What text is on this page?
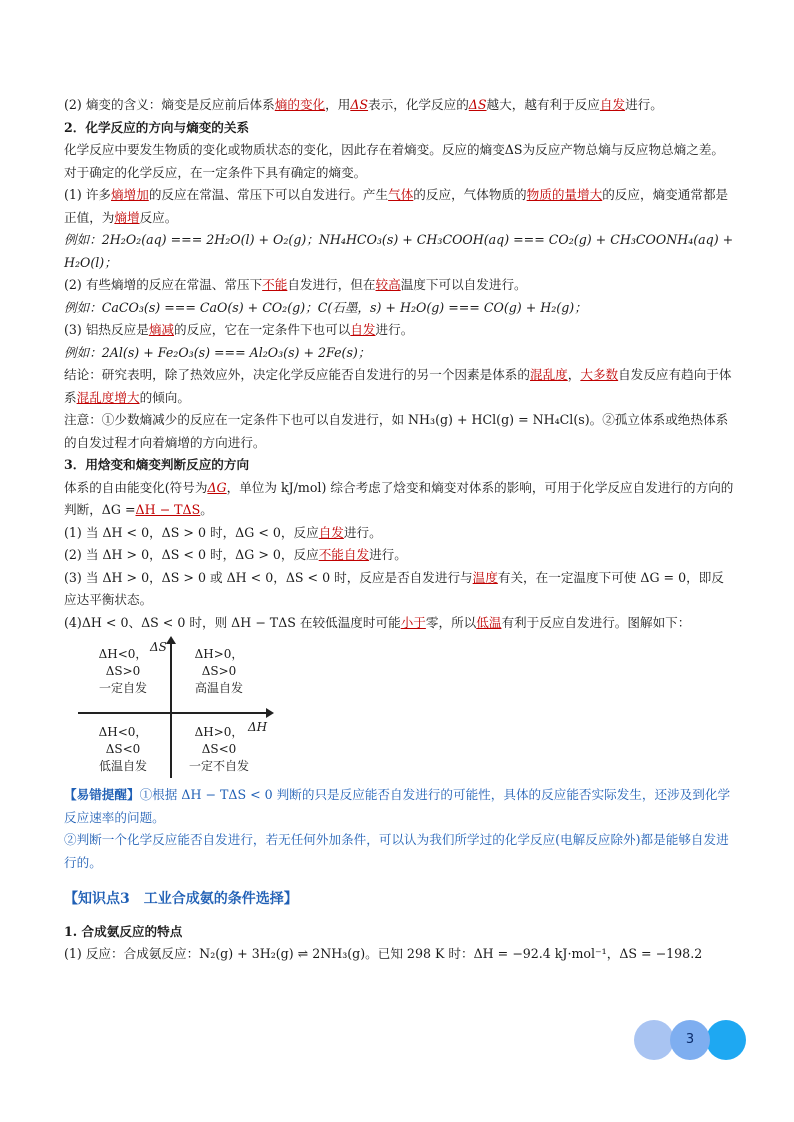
(2) 熵变的含义：熵变是反应前后体系熵的变化，用ΔS表示，化学反应的ΔS越大，越有利于反应自发进行。
2．化学反应的方向与熵变的关系
化学反应中要发生物质的变化或物质状态的变化，因此存在着熵变。反应的熵变ΔS为反应产物总熵与反应物总熵之差。对于确定的化学反应，在一定条件下具有确定的熵变。
(1) 许多熵增加的反应在常温、常压下可以自发进行。产生气体的反应，气体物质的物质的量增大的反应，熵变通常都是正值，为熵增反应。
例如：2H₂O₂(aq) === 2H₂O(l) + O₂(g)；NH₄HCO₃(s) + CH₃COOH(aq) === CO₂(g) + CH₃COONH₄(aq) +
H₂O(l)；
(2) 有些熵增的反应在常温、常压下不能自发进行，但在较高温度下可以自发进行。
例如：CaCO₃(s) === CaO(s) + CO₂(g)；C(石墨，s) + H₂O(g) === CO(g) + H₂(g)；
(3) 铝热反应是熵减的反应，它在一定条件下也可以自发进行。
例如：2Al(s) + Fe₂O₃(s) === Al₂O₃(s) + 2Fe(s)；
结论：研究表明，除了热效应外，决定化学反应能否自发进行的另一个因素是体系的混乱度，大多数自发反应有趋向于体系混乱度增大的倾向。
注意：①少数熵减少的反应在一定条件下也可以自发进行，如 NH₃(g) + HCl(g) = NH₄Cl(s)。②孤立体系或绝热体系的自发过程才向着熵增的方向进行。
3．用焓变和熵变判断反应的方向
体系的自由能变化(符号为ΔG，单位为 kJ/mol) 综合考虑了焓变和熵变对体系的影响，可用于化学反应自发进行的方向的判断，ΔG =ΔH − TΔS。
(1) 当 ΔH < 0，ΔS > 0 时，ΔG < 0，反应自发进行。
(2) 当 ΔH > 0，ΔS < 0 时，ΔG > 0，反应不能自发进行。
(3) 当 ΔH > 0，ΔS > 0 或 ΔH < 0，ΔS < 0 时，反应是否自发进行与温度有关，在一定温度下可使 ΔG = 0，即反应达平衡状态。
(4)ΔH < 0、ΔS < 0 时，则 ΔH − TΔS 在较低温度时可能小于零，所以低温有利于反应自发进行。图解如下：
ΔS
ΔH
ΔH<0，
ΔS>0
一定自发
ΔH>0，
ΔS>0
高温自发
ΔH<0，
ΔS<0
低温自发
ΔH>0，
ΔS<0
一定不自发
【易错提醒】①根据 ΔH − TΔS < 0 判断的只是反应能否自发进行的可能性，具体的反应能否实际发生，还涉及到化学反应速率的问题。
②判断一个化学反应能否自发进行，若无任何外加条件，可以认为我们所学过的化学反应(电解反应除外)都是能够自发进行的。
【知识点3　工业合成氨的条件选择】
1. 合成氨反应的特点
(1) 反应：合成氨反应：N₂(g) + 3H₂(g) ⇌ 2NH₃(g)。已知 298 K 时：ΔH = −92.4 kJ·mol⁻¹，ΔS = −198.2
3
